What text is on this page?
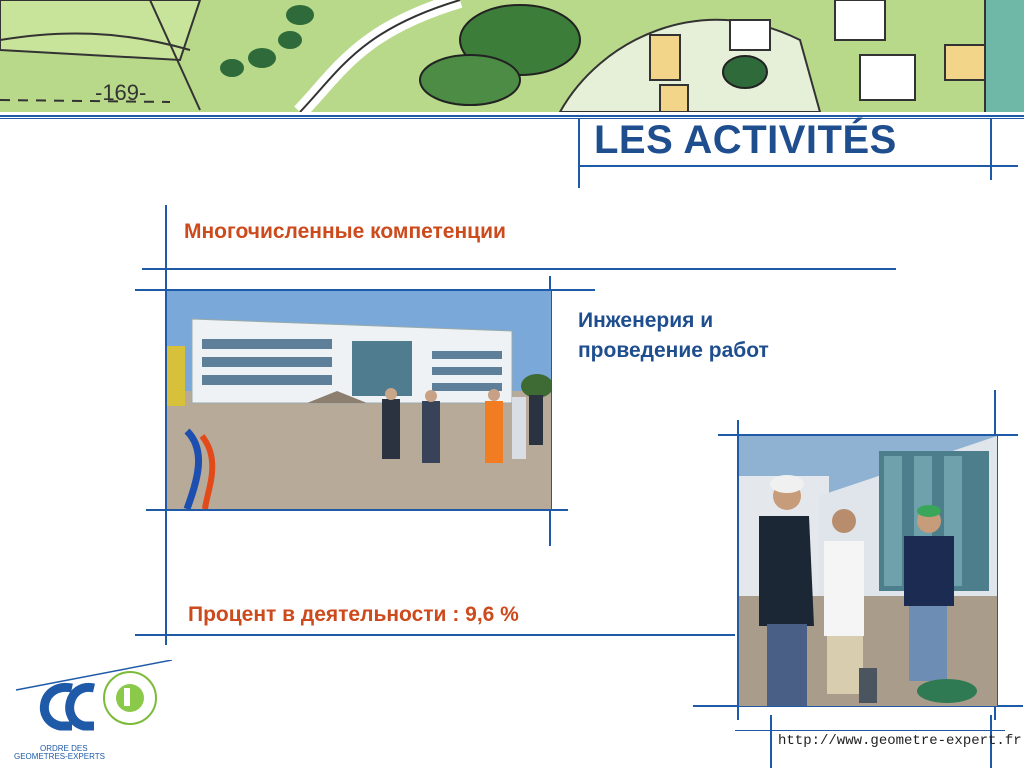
-169-
LES ACTIVITÉS
Многочисленные компетенции
Инженерия и
проведение работ
Процент в деятельности : 9,6 %
ORDRE DES
GEOMETRES-EXPERTS
http://www.geometre-expert.fr
